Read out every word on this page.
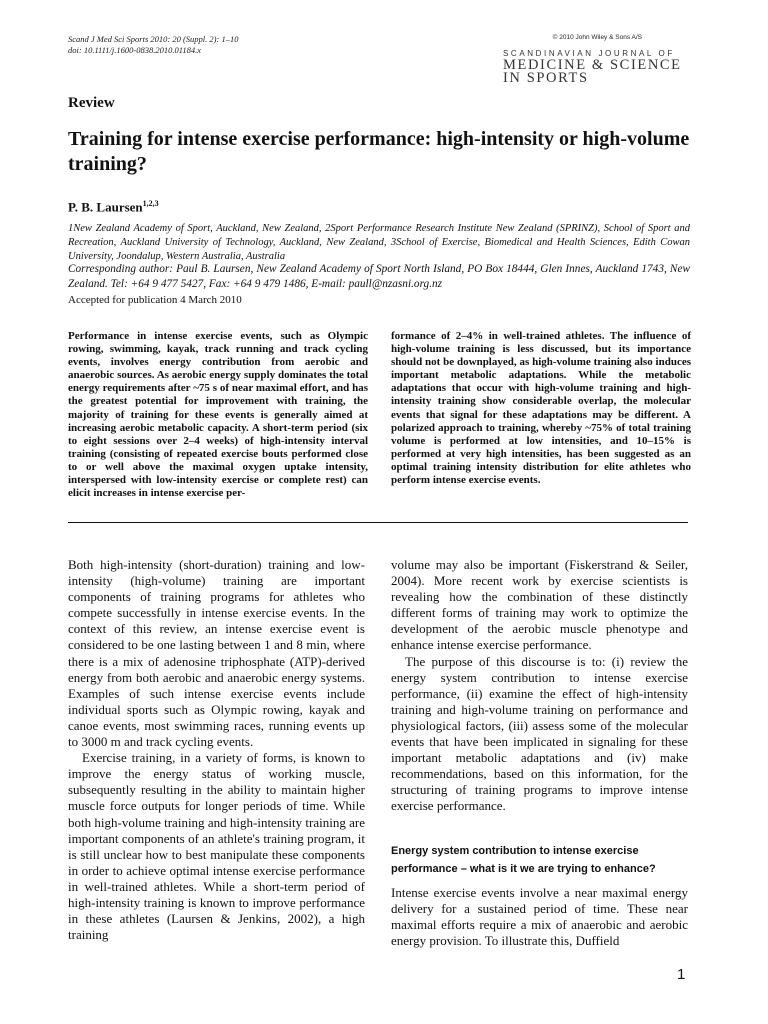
Scand J Med Sci Sports 2010: 20 (Suppl. 2): 1–10
doi: 10.1111/j.1600-0838.2010.01184.x
© 2010 John Wiley & Sons A/S
SCANDINAVIAN JOURNAL OF
MEDICINE & SCIENCE
IN SPORTS
Review
Training for intense exercise performance: high-intensity or high-volume training?
P. B. Laursen$^{1,2,3}$
1New Zealand Academy of Sport, Auckland, New Zealand, 2Sport Performance Research Institute New Zealand (SPRINZ), School of Sport and Recreation, Auckland University of Technology, Auckland, New Zealand, 3School of Exercise, Biomedical and Health Sciences, Edith Cowan University, Joondalup, Western Australia, Australia
Corresponding author: Paul B. Laursen, New Zealand Academy of Sport North Island, PO Box 18444, Glen Innes, Auckland 1743, New Zealand. Tel: +64 9 477 5427, Fax: +64 9 479 1486, E-mail: paull@nzasni.org.nz
Accepted for publication 4 March 2010
Performance in intense exercise events, such as Olympic rowing, swimming, kayak, track running and track cycling events, involves energy contribution from aerobic and anaerobic sources. As aerobic energy supply dominates the total energy requirements after ~75 s of near maximal effort, and has the greatest potential for improvement with training, the majority of training for these events is generally aimed at increasing aerobic metabolic capacity. A short-term period (six to eight sessions over 2–4 weeks) of high-intensity interval training (consisting of repeated exercise bouts performed close to or well above the maximal oxygen uptake intensity, interspersed with low-intensity exercise or complete rest) can elicit increases in intense exercise per-
formance of 2–4% in well-trained athletes. The influence of high-volume training is less discussed, but its importance should not be downplayed, as high-volume training also induces important metabolic adaptations. While the metabolic adaptations that occur with high-volume training and high-intensity training show considerable overlap, the molecular events that signal for these adaptations may be different. A polarized approach to training, whereby ~75% of total training volume is performed at low intensities, and 10–15% is performed at very high intensities, has been suggested as an optimal training intensity distribution for elite athletes who perform intense exercise events.

Both high-intensity (short-duration) training and low-intensity (high-volume) training are important components of training programs for athletes who compete successfully in intense exercise events. In the context of this review, an intense exercise event is considered to be one lasting between 1 and 8 min, where there is a mix of adenosine triphosphate (ATP)-derived energy from both aerobic and anaerobic energy systems. Examples of such intense exercise events include individual sports such as Olympic rowing, kayak and canoe events, most swimming races, running events up to 3000 m and track cycling events.

Exercise training, in a variety of forms, is known to improve the energy status of working muscle, subsequently resulting in the ability to maintain higher muscle force outputs for longer periods of time. While both high-volume training and high-intensity training are important components of an athlete's training program, it is still unclear how to best manipulate these components in order to achieve optimal intense exercise performance in well-trained athletes. While a short-term period of high-intensity training is known to improve performance in these athletes (Laursen & Jenkins, 2002), a high training

volume may also be important (Fiskerstrand & Seiler, 2004). More recent work by exercise scientists is revealing how the combination of these distinctly different forms of training may work to optimize the development of the aerobic muscle phenotype and enhance intense exercise performance.

The purpose of this discourse is to: (i) review the energy system contribution to intense exercise performance, (ii) examine the effect of high-intensity training and high-volume training on performance and physiological factors, (iii) assess some of the molecular events that have been implicated in signaling for these important metabolic adaptations and (iv) make recommendations, based on this information, for the structuring of training programs to improve intense exercise performance.

Energy system contribution to intense exercise performance – what is it we are trying to enhance?
Intense exercise events involve a near maximal energy delivery for a sustained period of time. These near maximal efforts require a mix of anaerobic and aerobic energy provision. To illustrate this, Duffield
1
